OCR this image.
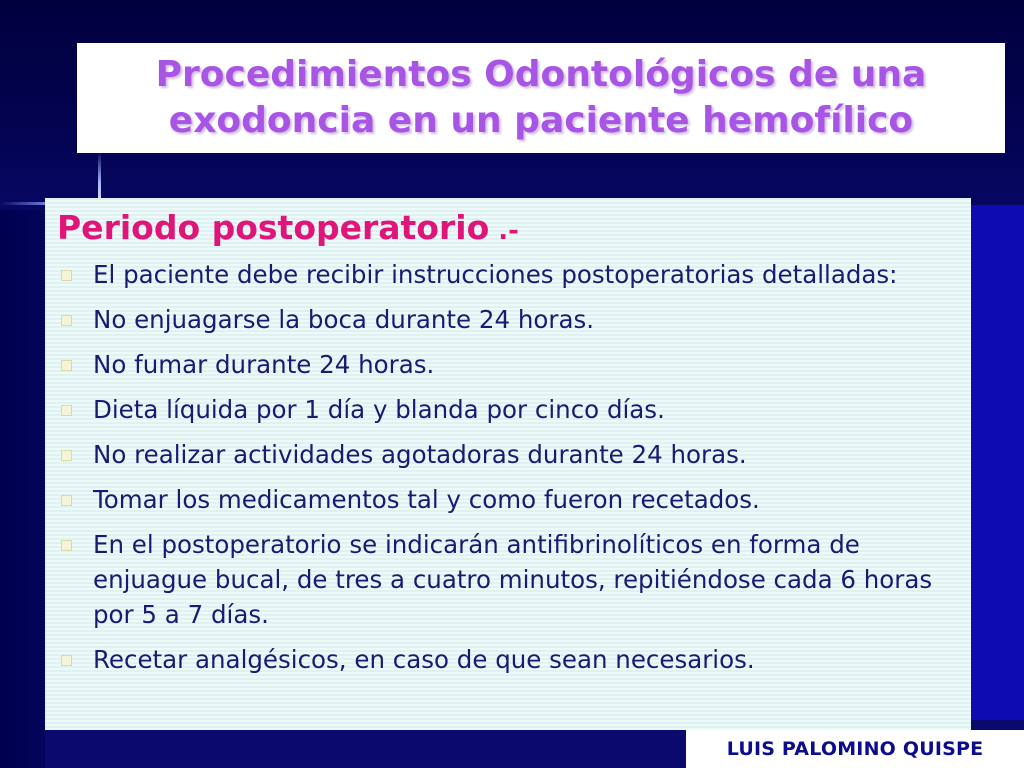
Procedimientos Odontológicos de una
exodoncia en un paciente hemofílico
Periodo postoperatorio .-
El paciente debe recibir instrucciones postoperatorias detalladas:
No enjuagarse la boca durante 24 horas.
No fumar durante 24 horas.
Dieta líquida por 1 día y blanda por cinco días.
No realizar actividades agotadoras durante 24 horas.
Tomar los medicamentos tal y como fueron recetados.
En el postoperatorio se indicarán antifibrinolíticos en forma de enjuague bucal, de tres a cuatro minutos, repitiéndose cada 6 horas por 5 a 7 días.
Recetar analgésicos, en caso de que sean necesarios.
LUIS PALOMINO QUISPE
